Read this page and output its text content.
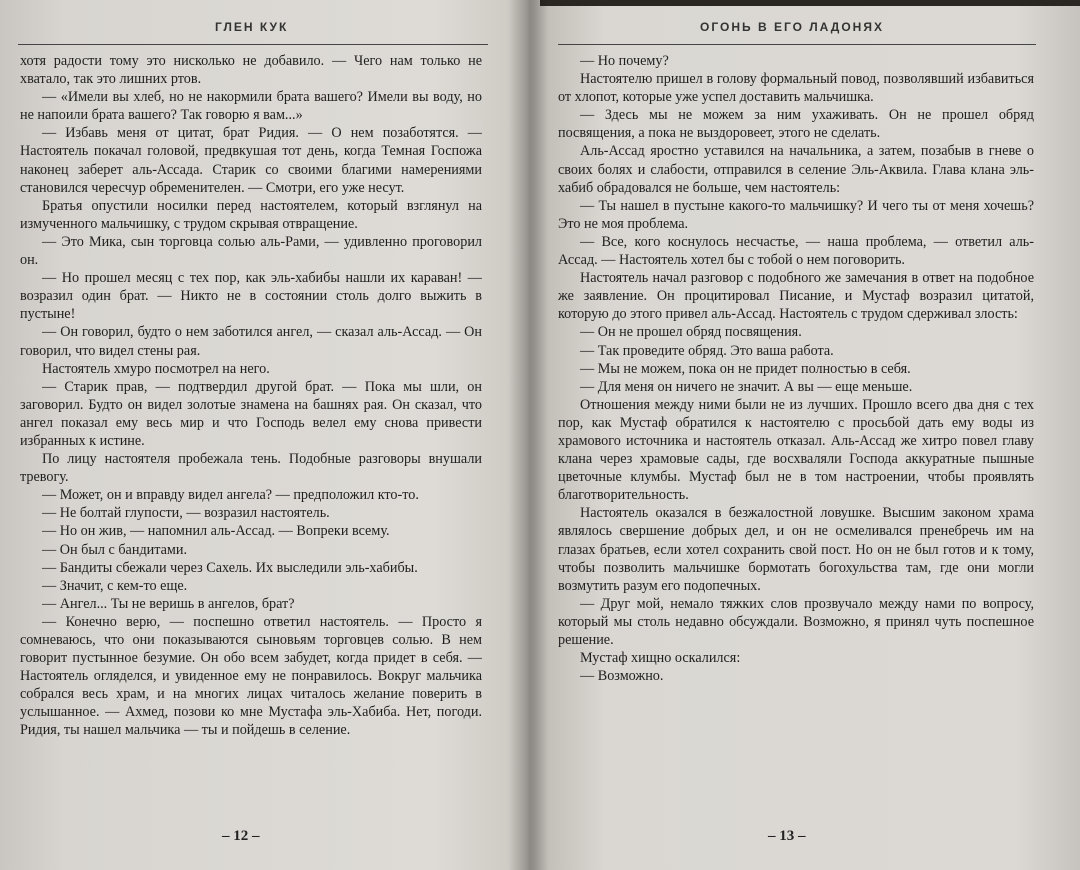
ГЛЕН КУК

хотя радости тому это нисколько не добавило. — Чего нам только не хватало, так это лишних ртов.

— «Имели вы хлеб, но не накормили брата вашего? Имели вы воду, но не напоили брата вашего? Так говорю я вам...»

— Избавь меня от цитат, брат Ридия. — О нем позаботятся. — Настоятель покачал головой, предвкушая тот день, когда Темная Госпожа наконец заберет аль-Ассада. Старик со своими благими намерениями становился чересчур обременителен. — Смотри, его уже несут.

Братья опустили носилки перед настоятелем, который взглянул на измученного мальчишку, с трудом скрывая отвращение.

— Это Мика, сын торговца солью аль-Рами, — удивленно проговорил он.

— Но прошел месяц с тех пор, как эль-хабибы нашли их караван! — возразил один брат. — Никто не в состоянии столь долго выжить в пустыне!

— Он говорил, будто о нем заботился ангел, — сказал аль-Ассад. — Он говорил, что видел стены рая.

Настоятель хмуро посмотрел на него.

— Старик прав, — подтвердил другой брат. — Пока мы шли, он заговорил. Будто он видел золотые знамена на башнях рая. Он сказал, что ангел показал ему весь мир и что Господь велел ему снова привести избранных к истине.

По лицу настоятеля пробежала тень. Подобные разговоры внушали тревогу.

— Может, он и вправду видел ангела? — предположил кто-то.

— Не болтай глупости, — возразил настоятель.

— Но он жив, — напомнил аль-Ассад. — Вопреки всему.

— Он был с бандитами.

— Бандиты сбежали через Сахель. Их выследили эль-хабибы.

— Значит, с кем-то еще.

— Ангел... Ты не веришь в ангелов, брат?

— Конечно верю, — поспешно ответил настоятель. — Просто я сомневаюсь, что они показываются сыновьям торговцев солью. В нем говорит пустынное безумие. Он обо всем забудет, когда придет в себя. — Настоятель огляделся, и увиденное ему не понравилось. Вокруг мальчика собрался весь храм, и на многих лицах читалось желание поверить в услышанное. — Ахмед, позови ко мне Мустафа эль-Хабиба. Нет, погоди. Ридия, ты нашел мальчика — ты и пойдешь в селение.

– 12 –
ОГОНЬ В ЕГО ЛАДОНЯХ

— Но почему?

Настоятелю пришел в голову формальный повод, позволявший избавиться от хлопот, которые уже успел доставить мальчишка.

— Здесь мы не можем за ним ухаживать. Он не прошел обряд посвящения, а пока не выздоровеет, этого не сделать.

Аль-Ассад яростно уставился на начальника, а затем, позабыв в гневе о своих болях и слабости, отправился в селение Эль-Аквила. Глава клана эль-хабиб обрадовался не больше, чем настоятель:

— Ты нашел в пустыне какого-то мальчишку? И чего ты от меня хочешь? Это не моя проблема.

— Все, кого коснулось несчастье, — наша проблема, — ответил аль-Ассад. — Настоятель хотел бы с тобой о нем поговорить.

Настоятель начал разговор с подобного же замечания в ответ на подобное же заявление. Он процитировал Писание, и Мустаф возразил цитатой, которую до этого привел аль-Ассад. Настоятель с трудом сдерживал злость:

— Он не прошел обряд посвящения.

— Так проведите обряд. Это ваша работа.

— Мы не можем, пока он не придет полностью в себя.

— Для меня он ничего не значит. А вы — еще меньше.

Отношения между ними были не из лучших. Прошло всего два дня с тех пор, как Мустаф обратился к настоятелю с просьбой дать ему воды из храмового источника и настоятель отказал. Аль-Ассад же хитро повел главу клана через храмовые сады, где восхваляли Господа аккуратные пышные цветочные клумбы. Мустаф был не в том настроении, чтобы проявлять благотворительность.

Настоятель оказался в безжалостной ловушке. Высшим законом храма являлось свершение добрых дел, и он не осмеливался пренебречь им на глазах братьев, если хотел сохранить свой пост. Но он не был готов и к тому, чтобы позволить мальчишке бормотать богохульства там, где они могли возмутить разум его подопечных.

— Друг мой, немало тяжких слов прозвучало между нами по вопросу, который мы столь недавно обсуждали. Возможно, я принял чуть поспешное решение.

Мустаф хищно оскалился:

— Возможно.

– 13 –
